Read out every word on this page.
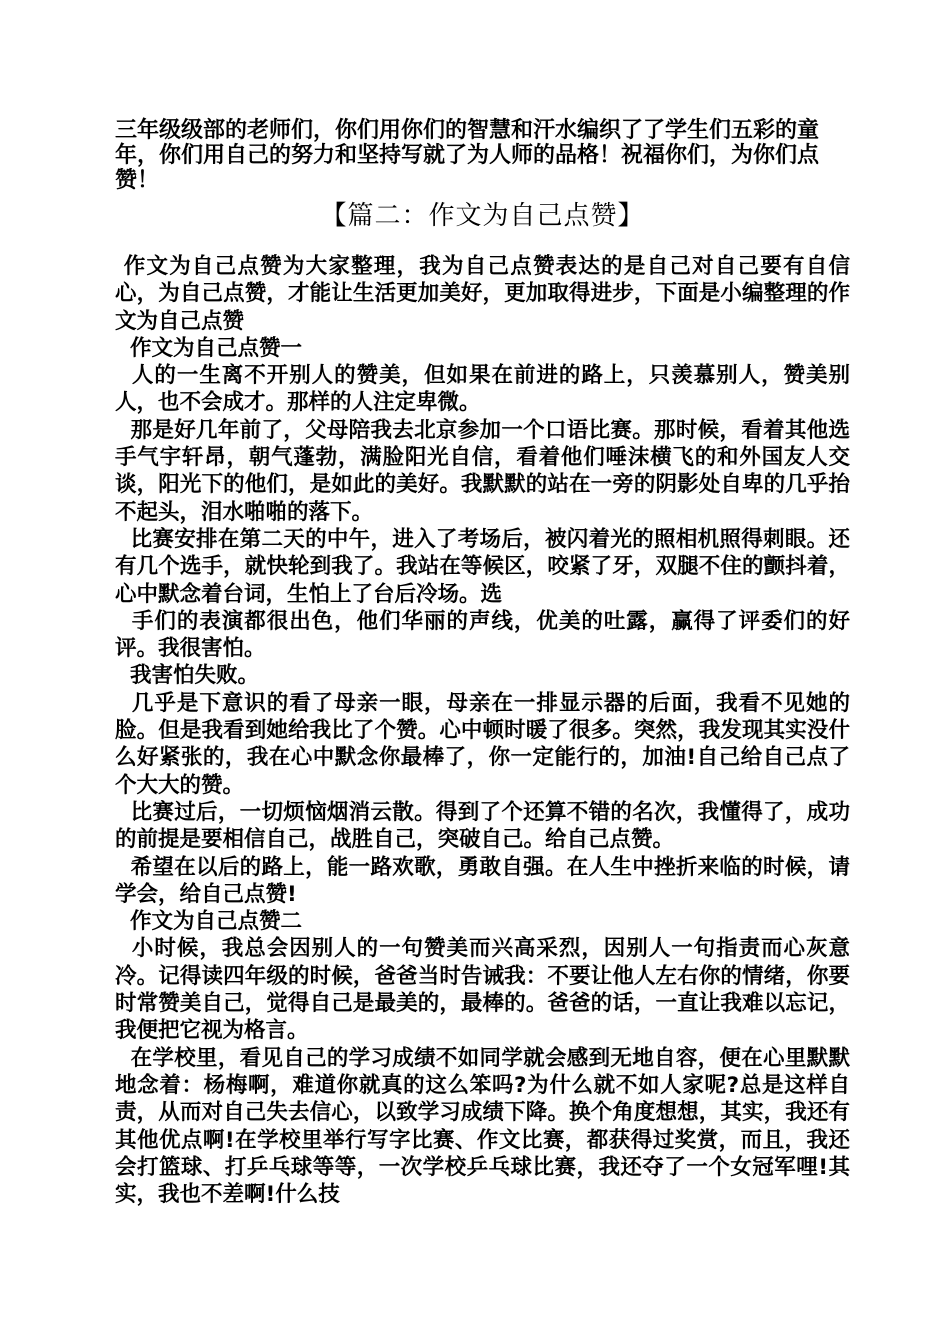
三年级级部的老师们，你们用你们的智慧和汗水编织了了学生们五彩的童年，你们用自己的努力和坚持写就了为人师的品格！祝福你们，为你们点赞！

【篇二：作文为自己点赞】

作文为自己点赞为大家整理，我为自己点赞表达的是自己对自己要有自信心，为自己点赞，才能让生活更加美好，更加取得进步，下面是小编整理的作文为自己点赞

作文为自己点赞一

人的一生离不开别人的赞美，但如果在前进的路上，只羡慕别人，赞美别人，也不会成才。那样的人注定卑微。

那是好几年前了，父母陪我去北京参加一个口语比赛。那时候，看着其他选手气宇轩昂，朝气蓬勃，满脸阳光自信，看着他们唾沫横飞的和外国友人交谈，阳光下的他们，是如此的美好。我默默的站在一旁的阴影处自卑的几乎抬不起头，泪水啪啪的落下。

比赛安排在第二天的中午，进入了考场后，被闪着光的照相机照得刺眼。还有几个选手，就快轮到我了。我站在等候区，咬紧了牙，双腿不住的颤抖着，心中默念着台词，生怕上了台后冷场。选

手们的表演都很出色，他们华丽的声线，优美的吐露，赢得了评委们的好评。我很害怕。

我害怕失败。

几乎是下意识的看了母亲一眼，母亲在一排显示器的后面，我看不见她的脸。但是我看到她给我比了个赞。心中顿时暖了很多。突然，我发现其实没什么好紧张的，我在心中默念你最棒了，你一定能行的，加油!自己给自己点了个大大的赞。

比赛过后，一切烦恼烟消云散。得到了个还算不错的名次，我懂得了，成功的前提是要相信自己，战胜自己，突破自己。给自己点赞。

希望在以后的路上，能一路欢歌，勇敢自强。在人生中挫折来临的时候，请学会，给自己点赞!

作文为自己点赞二

小时候，我总会因别人的一句赞美而兴高采烈，因别人一句指责而心灰意冷。记得读四年级的时候，爸爸当时告诫我：不要让他人左右你的情绪，你要时常赞美自己，觉得自己是最美的，最棒的。爸爸的话，一直让我难以忘记，我便把它视为格言。

在学校里，看见自己的学习成绩不如同学就会感到无地自容，便在心里默默地念着：杨梅啊，难道你就真的这么笨吗?为什么就不如人家呢?总是这样自责，从而对自己失去信心，以致学习成绩下降。换个角度想想，其实，我还有其他优点啊!在学校里举行写字比赛、作文比赛，都获得过奖赏，而且，我还会打篮球、打乒乓球等等，一次学校乒乓球比赛，我还夺了一个女冠军哩!其实，我也不差啊!什么技
